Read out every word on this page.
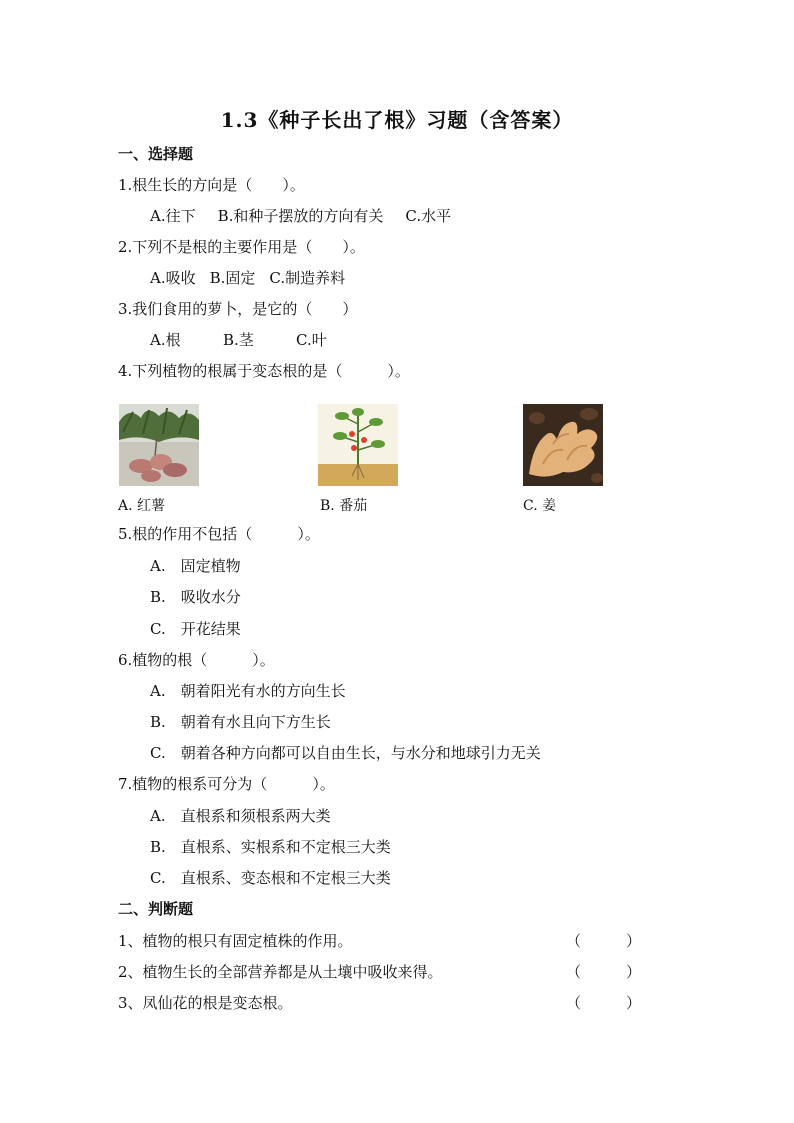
1.3《种子长出了根》习题（含答案）
一、选择题
1.根生长的方向是（　　）。
A.往下 B.和种子摆放的方向有关 C.水平
2.下列不是根的主要作用是（　　）。
A.吸收 B.固定 C.制造养料
3.我们食用的萝卜，是它的（　　）
A.根	B.茎	C.叶
4.下列植物的根属于变态根的是（　　　）。
A. 红薯	B. 番茄	C. 姜
5.根的作用不包括（　　　）。
A.　固定植物
B.　吸收水分
C.　开花结果
6.植物的根（　　　）。
A.　朝着阳光有水的方向生长
B.　朝着有水且向下方生长
C.　朝着各种方向都可以自由生长，与水分和地球引力无关
7.植物的根系可分为（　　　）。
A.　直根系和须根系两大类
B.　直根系、实根系和不定根三大类
C.　直根系、变态根和不定根三大类
二、判断题
1、植物的根只有固定植株的作用。	（　　　）
2、植物生长的全部营养都是从土壤中吸收来得。	（　　　）
3、凤仙花的根是变态根。	（　　　）
